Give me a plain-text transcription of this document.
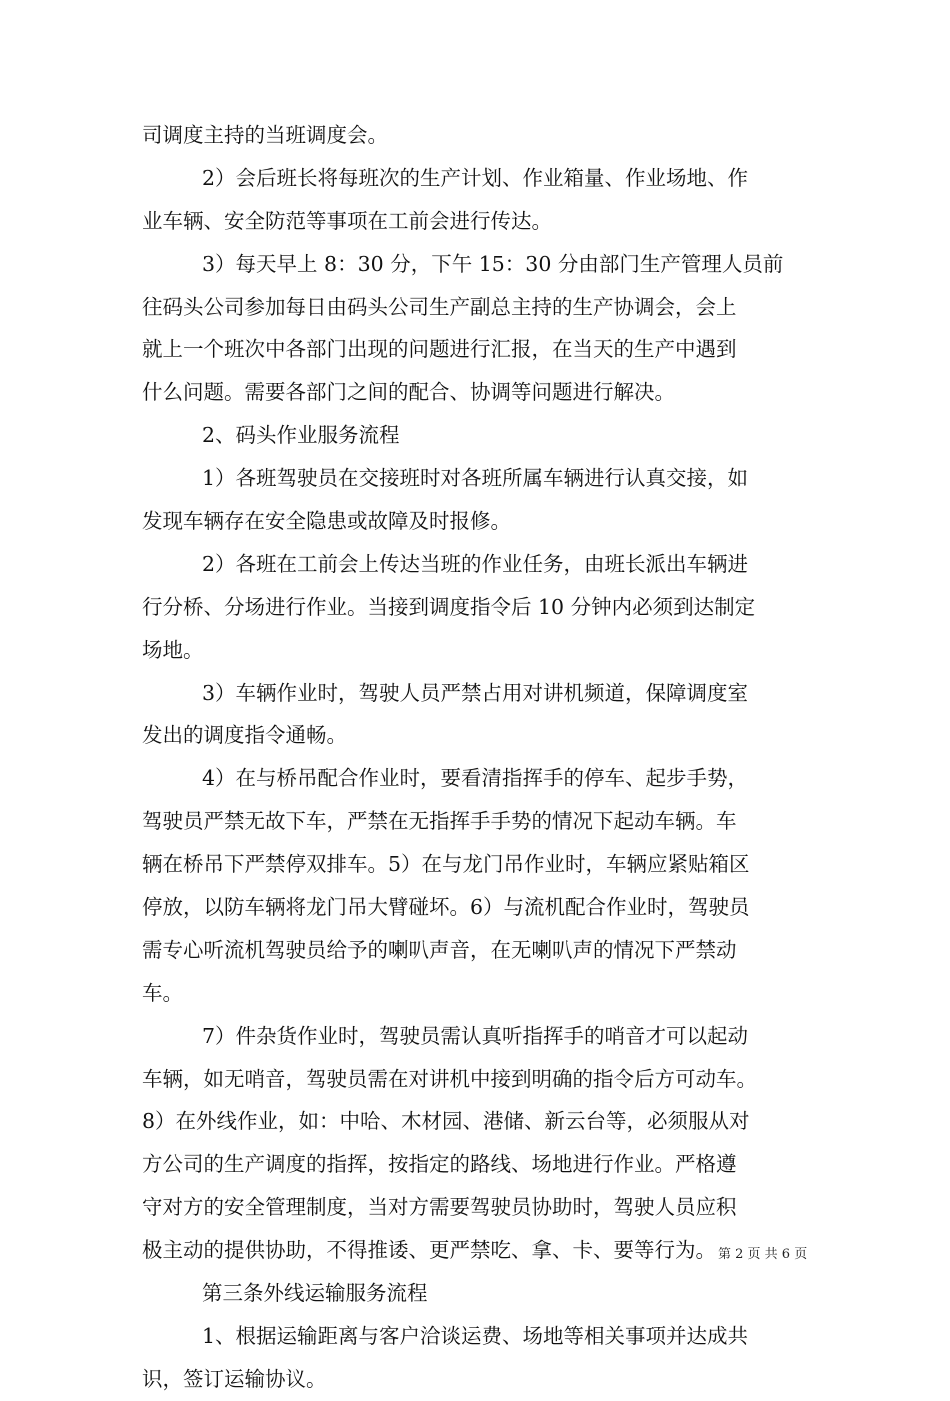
司调度主持的当班调度会。
2）会后班长将每班次的生产计划、作业箱量、作业场地、作
业车辆、安全防范等事项在工前会进行传达。
3）每天早上 8：30 分，下午 15：30 分由部门生产管理人员前
往码头公司参加每日由码头公司生产副总主持的生产协调会，会上
就上一个班次中各部门出现的问题进行汇报，在当天的生产中遇到
什么问题。需要各部门之间的配合、协调等问题进行解决。
2、码头作业服务流程
1）各班驾驶员在交接班时对各班所属车辆进行认真交接，如
发现车辆存在安全隐患或故障及时报修。
2）各班在工前会上传达当班的作业任务，由班长派出车辆进
行分桥、分场进行作业。当接到调度指令后 10 分钟内必须到达制定
场地。
3）车辆作业时，驾驶人员严禁占用对讲机频道，保障调度室
发出的调度指令通畅。
4）在与桥吊配合作业时，要看清指挥手的停车、起步手势，
驾驶员严禁无故下车，严禁在无指挥手手势的情况下起动车辆。车
辆在桥吊下严禁停双排车。5）在与龙门吊作业时，车辆应紧贴箱区
停放，以防车辆将龙门吊大臂碰坏。6）与流机配合作业时，驾驶员
需专心听流机驾驶员给予的喇叭声音，在无喇叭声的情况下严禁动
车。
7）件杂货作业时，驾驶员需认真听指挥手的哨音才可以起动
车辆，如无哨音，驾驶员需在对讲机中接到明确的指令后方可动车。
8）在外线作业，如：中哈、木材园、港储、新云台等，必须服从对
方公司的生产调度的指挥，按指定的路线、场地进行作业。严格遵
守对方的安全管理制度，当对方需要驾驶员协助时，驾驶人员应积
极主动的提供协助，不得推诿、更严禁吃、拿、卡、要等行为。
第三条外线运输服务流程
1、根据运输距离与客户洽谈运费、场地等相关事项并达成共
识，签订运输协议。
第 2 页 共 6 页
